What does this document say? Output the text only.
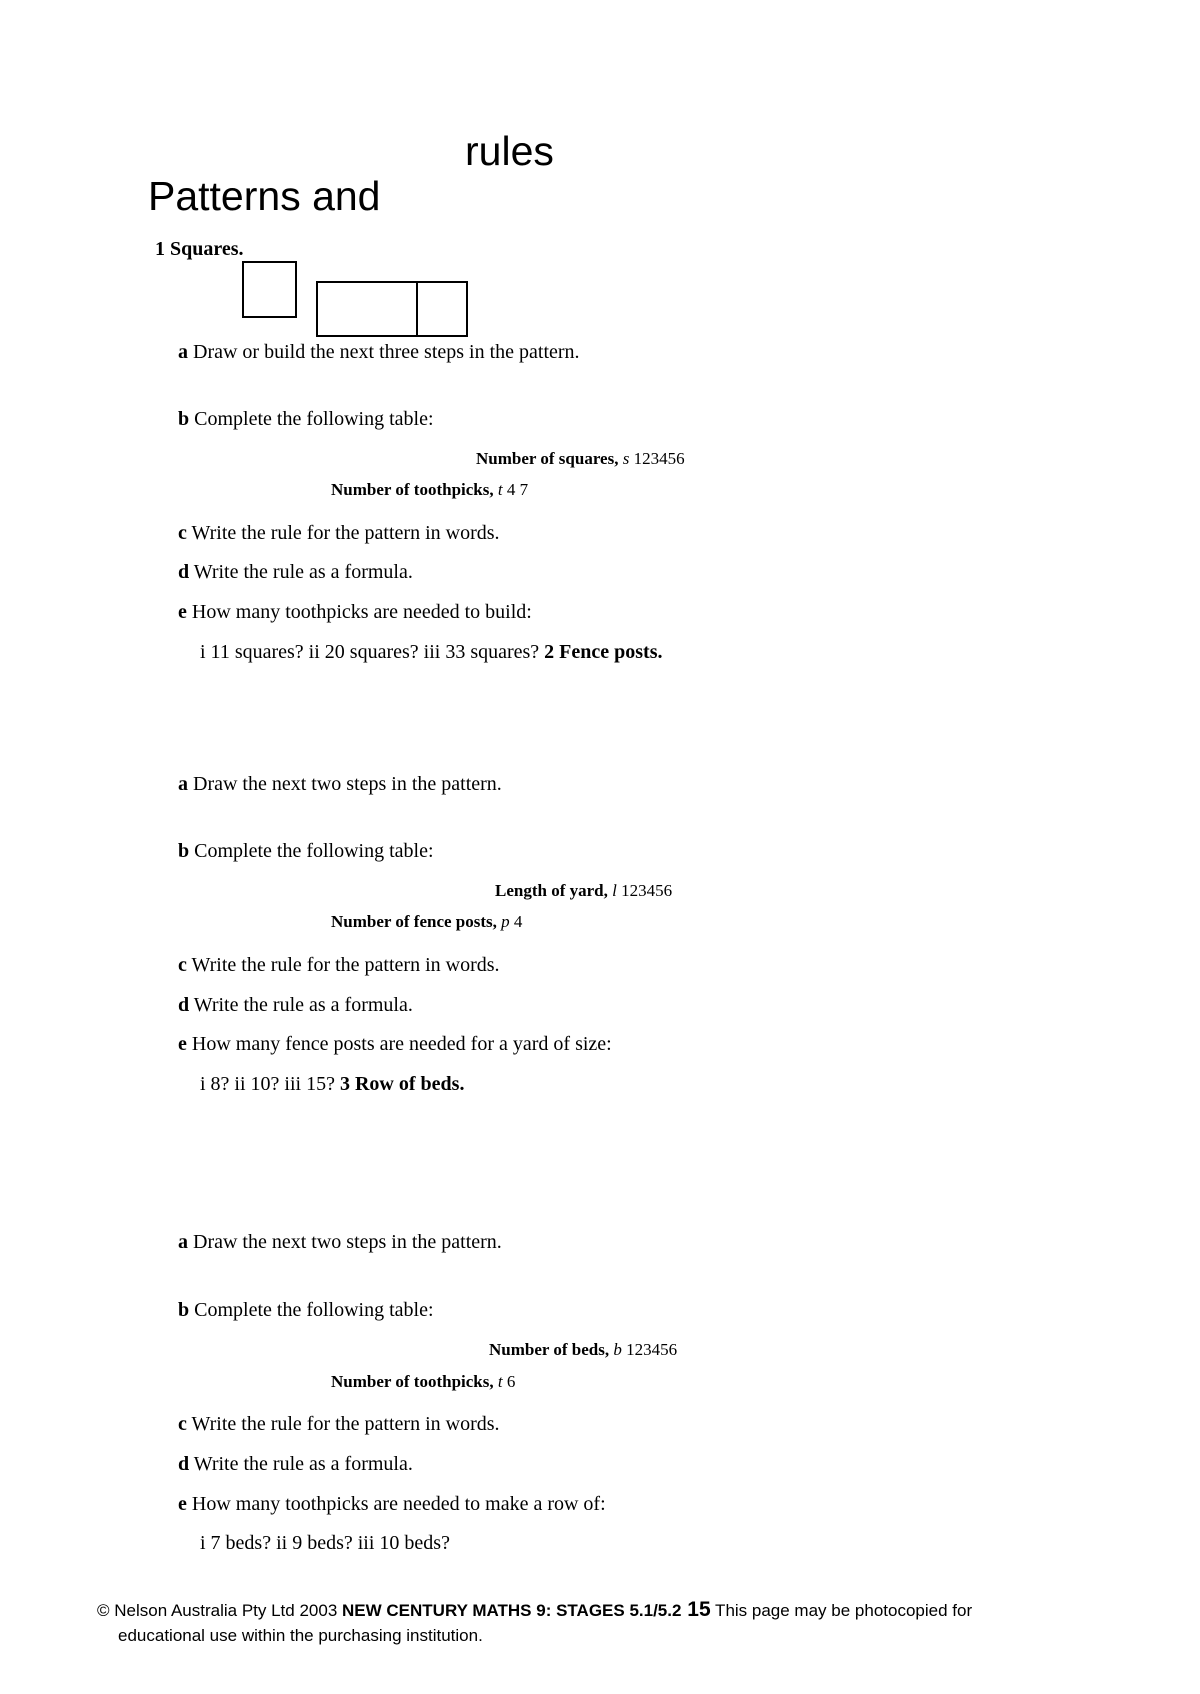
rules
Patterns and
1 Squares.
a Draw or build the next three steps in the pattern.
b Complete the following table:
Number of squares, s 123456
Number of toothpicks, t 4 7
c Write the rule for the pattern in words.
d Write the rule as a formula.
e How many toothpicks are needed to build:
i 11 squares? ii 20 squares? iii 33 squares? 2 Fence posts.
a Draw the next two steps in the pattern.
b Complete the following table:
Length of yard, l 123456
Number of fence posts, p 4
c Write the rule for the pattern in words.
d Write the rule as a formula.
e How many fence posts are needed for a yard of size:
i 8? ii 10? iii 15? 3 Row of beds.
a Draw the next two steps in the pattern.
b Complete the following table:
Number of beds, b 123456
Number of toothpicks, t 6
c Write the rule for the pattern in words.
d Write the rule as a formula.
e How many toothpicks are needed to make a row of:
i 7 beds? ii 9 beds? iii 10 beds?
© Nelson Australia Pty Ltd 2003 NEW CENTURY MATHS 9: STAGES 5.1/5.2 15 This page may be photocopied for
educational use within the purchasing institution.
